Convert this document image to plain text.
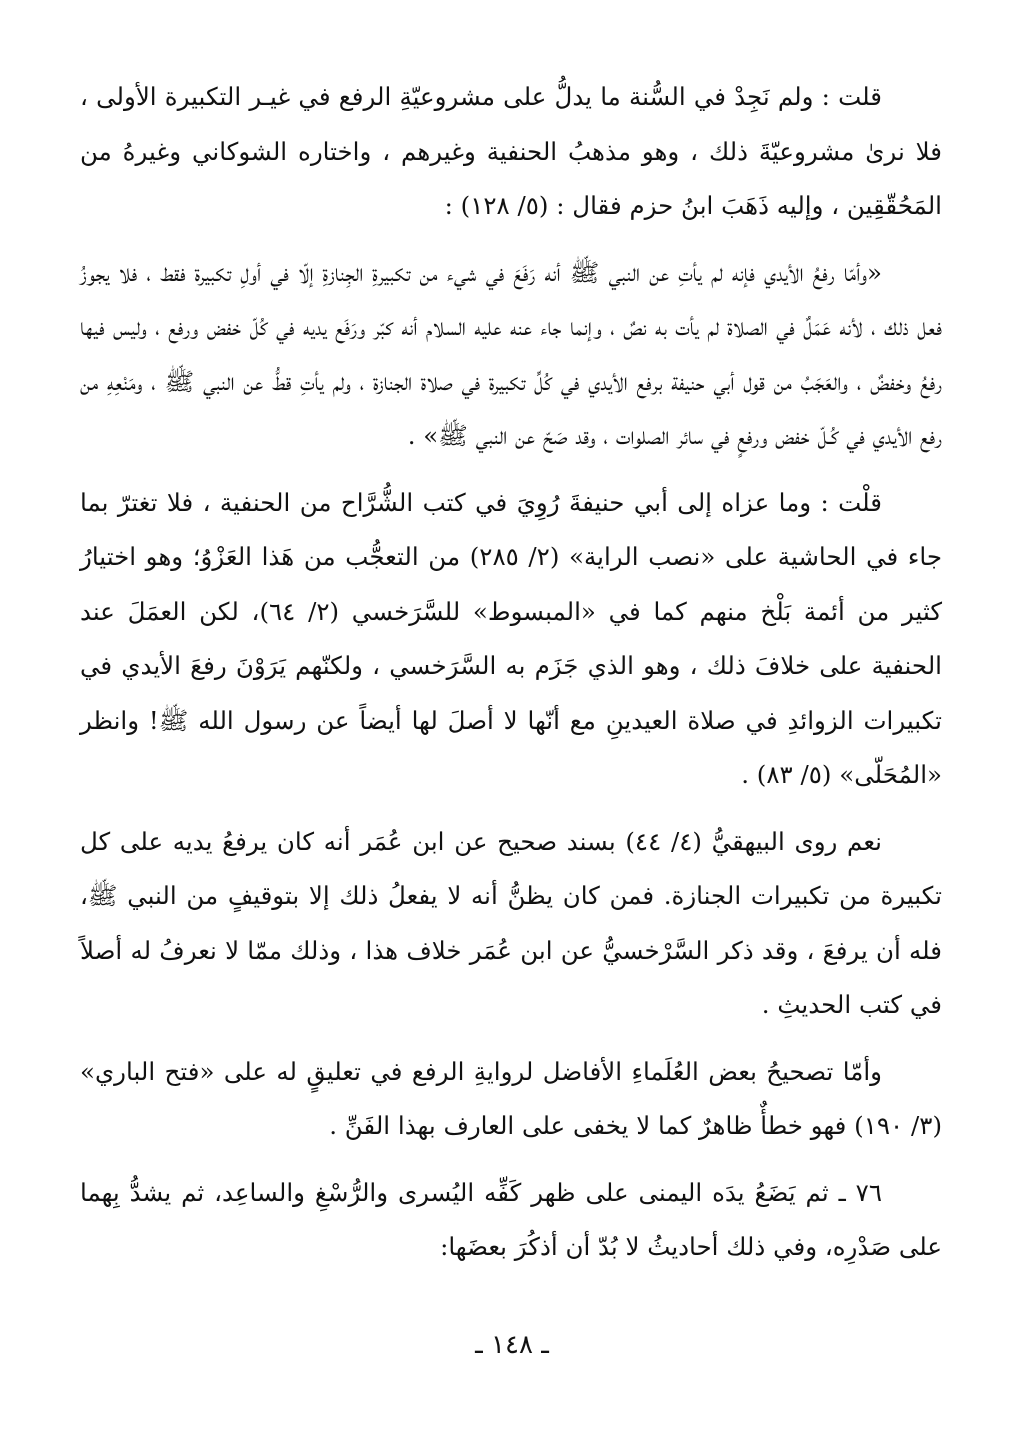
قلت : ولم نَجِدْ في السُّنة ما يدلُّ على مشروعيّةِ الرفع في غيـر التكبيرة الأولى ، فلا نرىٰ مشروعيّةَ ذلك ، وهو مذهبُ الحنفية وغيرهم ، واختاره الشوكاني وغيرهُ من المَحُقّقِين ، وإليه ذَهَبَ ابنُ حزم فقال : (٥/ ١٢٨) :

«وأمّا رفعُ الأيدي فإنه لم يأتِ عن النبي ﷺ أنه رَفَعَ في شيء من تكبيرةِ الجِنازةِ إلّا في أولِ تكبيرة فقط ، فلا يجوزُ فعل ذلك ، لأنه عَمَلٌ في الصلاة لم يأت به نصٌ ، وإنما جاء عنه عليه السلام أنه كبّر ورَفَع يديه في كُلّ خفض ورفع ، وليس فيها رفعُ وخفضٌ ، والعَجَبُ من قول أبي حنيفة برفع الأيدي في كُلِّ تكبيرة في صلاة الجنازة ، ولم يأتِ قطُّ عن النبي ﷺ ، ومَنْعِهِ من رفع الأيدي في كُـلّ خفض ورفعٍ في سائر الصلوات ، وقد صَحّ عن النبي ﷺ» .

قلْت : وما عزاه إلى أبي حنيفةَ رُوِيَ في كتب الشُّرَّاح من الحنفية ، فلا تغترّ بما جاء في الحاشية على «نصب الراية» (٢/ ٢٨٥) من التعجُّب من هَذا العَزْوُ؛ وهو اختيارُ كثير من أئمة بَلْخ منهم كما في «المبسوط» للسَّرَخسي (٢/ ٦٤)، لكن العمَلَ عند الحنفية على خلافَ ذلك ، وهو الذي جَزَم به السَّرَخسي ، ولكنّهم يَرَوْنَ رفعَ الأيدي في تكبيرات الزوائدِ في صلاة العيدينِ مع أنّها لا أصلَ لها أيضاً عن رسول الله ﷺ! وانظر «المُحَلّى» (٥/ ٨٣) .

نعم روى البيهقيُّ (٤/ ٤٤) بسند صحيح عن ابن عُمَر أنه كان يرفعُ يديه على كل تكبيرة من تكبيرات الجنازة. فمن كان يظنُّ أنه لا يفعلُ ذلك إلا بتوقيفٍ من النبي ﷺ، فله أن يرفعَ ، وقد ذكر السَّرْخسيُّ عن ابن عُمَر خلاف هذا ، وذلك ممّا لا نعرفُ له أصلاً في كتب الحديثِ .

وأمّا تصحيحُ بعض العُلَماءِ الأفاضل لروايةِ الرفع في تعليقٍ له على «فتح الباري» (٣/ ١٩٠) فهو خطأٌ ظاهرٌ كما لا يخفى على العارف بهذا الفَنِّ .

٧٦ ـ ثم يَضَعُ يدَه اليمنى على ظهر كَفِّه اليُسرى والرُّسْغِ والساعِد، ثم يشدُّ بِهما على صَدْرِه، وفي ذلك أحاديثُ لا بُدّ أن أذكُرَ بعضَها:

ـ ١٤٨ ـ
